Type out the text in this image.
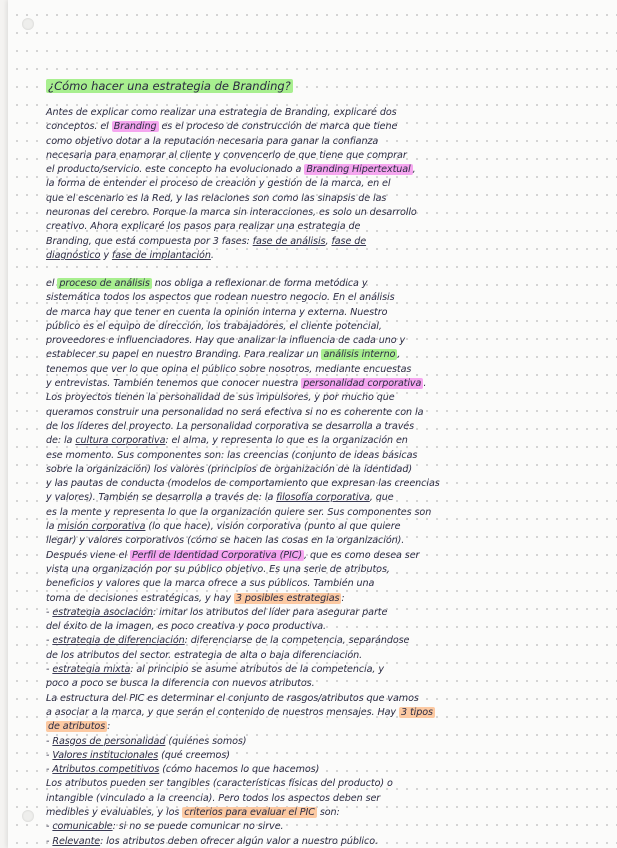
¿Cómo hacer una estrategia de Branding?
Antes de explicar como realizar una estrategia de Branding, explicaré dos
conceptos. el Branding es el proceso de construcción de marca que tiene
como objetivo dotar a la reputación necesaria para ganar la confianza
necesaria para enamorar al cliente y convencerlo de que tiene que comprar
el producto/servicio. este concepto ha evolucionado a Branding Hipertextual ,
la forma de entender el proceso de creación y gestión de la marca, en el
que el escenario es la Red, y las relaciones son como las sinapsis de las
neuronas del cerebro. Porque la marca sin interacciones, es solo un desarrollo
creativo. Ahora explicaré los pasos para realizar una estrategia de
Branding, que está compuesta por 3 fases: fase de análisis, fase de
diagnóstico y fase de implantación.
el proceso de análisis nos obliga a reflexionar de forma metódica y
sistemática todos los aspectos que rodean nuestro negocio. En el análisis
de marca hay que tener en cuenta la opinión interna y externa. Nuestro
público es el equipo de dirección, los trabajadores, el cliente potencial,
proveedores e influenciadores. Hay que analizar la influencia de cada uno y
establecer su papel en nuestro Branding. Para realizar un análisis interno ,
tenemos que ver lo que opina el público sobre nosotros, mediante encuestas
y entrevistas. También tenemos que conocer nuestra personalidad corporativa .
Los proyectos tienen la personalidad de sus impulsores, y por mucho que
queramos construir una personalidad no será efectiva si no es coherente con la
de los líderes del proyecto. La personalidad corporativa se desarrolla a través
de: la cultura corporativa: el alma, y representa lo que es la organización en
ese momento. Sus componentes son: las creencias (conjunto de ideas básicas
sobre la organización) los valores (principios de organización de la identidad)
y las pautas de conducta (modelos de comportamiento que expresan las creencias
y valores). También se desarrolla a través de: la filosofía corporativa, que
es la mente y representa lo que la organización quiere ser. Sus componentes son
la misión corporativa (lo que hace), visión corporativa (punto al que quiere
llegar) y valores corporativos (cómo se hacen las cosas en la organización).
Después viene el Perfil de Identidad Corporativa (PIC) , que es como desea ser
vista una organización por su público objetivo. Es una serie de atributos,
beneficios y valores que la marca ofrece a sus públicos. También una
toma de decisiones estratégicas, y hay 3 posibles estrategias :
- estrategia asociación: imitar los atributos del líder para asegurar parte
del éxito de la imagen, es poco creativa y poco productiva.
- estrategia de diferenciación: diferenciarse de la competencia, separándose
de los atributos del sector. estrategia de alta o baja diferenciación.
- estrategia mixta: al principio se asume atributos de la competencia, y
poco a poco se busca la diferencia con nuevos atributos.
La estructura del PIC es determinar el conjunto de rasgos/atributos que vamos
a asociar a la marca, y que serán el contenido de nuestros mensajes. Hay 3 tipos
de atributos :
- Rasgos de personalidad (quiénes somos)
- Valores institucionales (qué creemos)
- Atributos competitivos (cómo hacemos lo que hacemos)
Los atributos pueden ser tangibles (características físicas del producto) o
intangible (vinculado a la creencia). Pero todos los aspectos deben ser
medibles y evaluables, y los criterios para evaluar el PIC son:
- comunicable: si no se puede comunicar no sirve.
- Relevante: los atributos deben ofrecer algún valor a nuestro público.
